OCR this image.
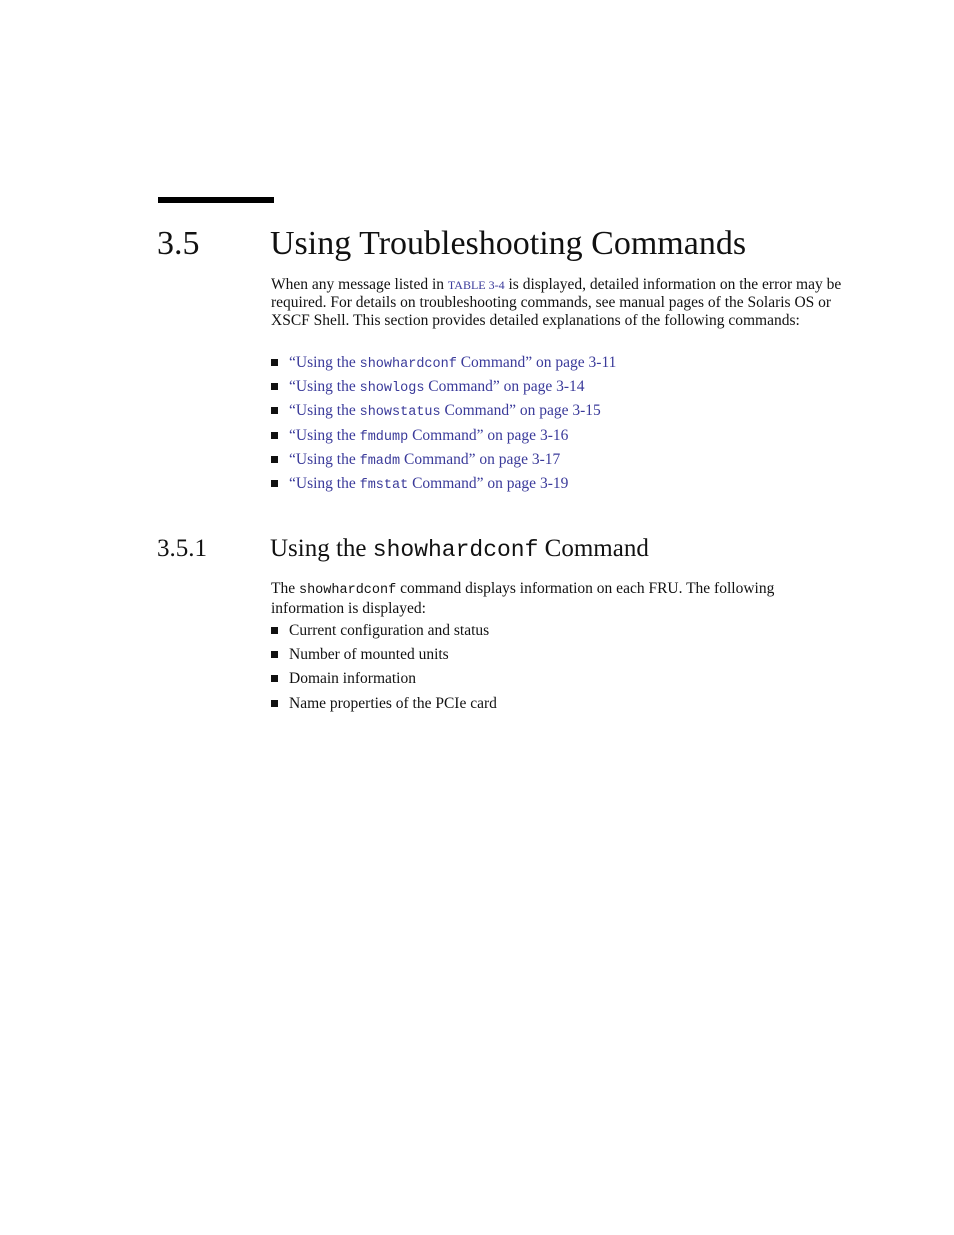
3.5 Using Troubleshooting Commands

When any message listed in TABLE 3-4 is displayed, detailed information on the error may be required. For details on troubleshooting commands, see manual pages of the Solaris OS or XSCF Shell. This section provides detailed explanations of the following commands:

“Using the showhardconf Command” on page 3-11
“Using the showlogs Command” on page 3-14
“Using the showstatus Command” on page 3-15
“Using the fmdump Command” on page 3-16
“Using the fmadm Command” on page 3-17
“Using the fmstat Command” on page 3-19
3.5.1	Using the showhardconf Command

The showhardconf command displays information on each FRU. The following information is displayed:

Current configuration and status
Number of mounted units
Domain information
Name properties of the PCIe card
